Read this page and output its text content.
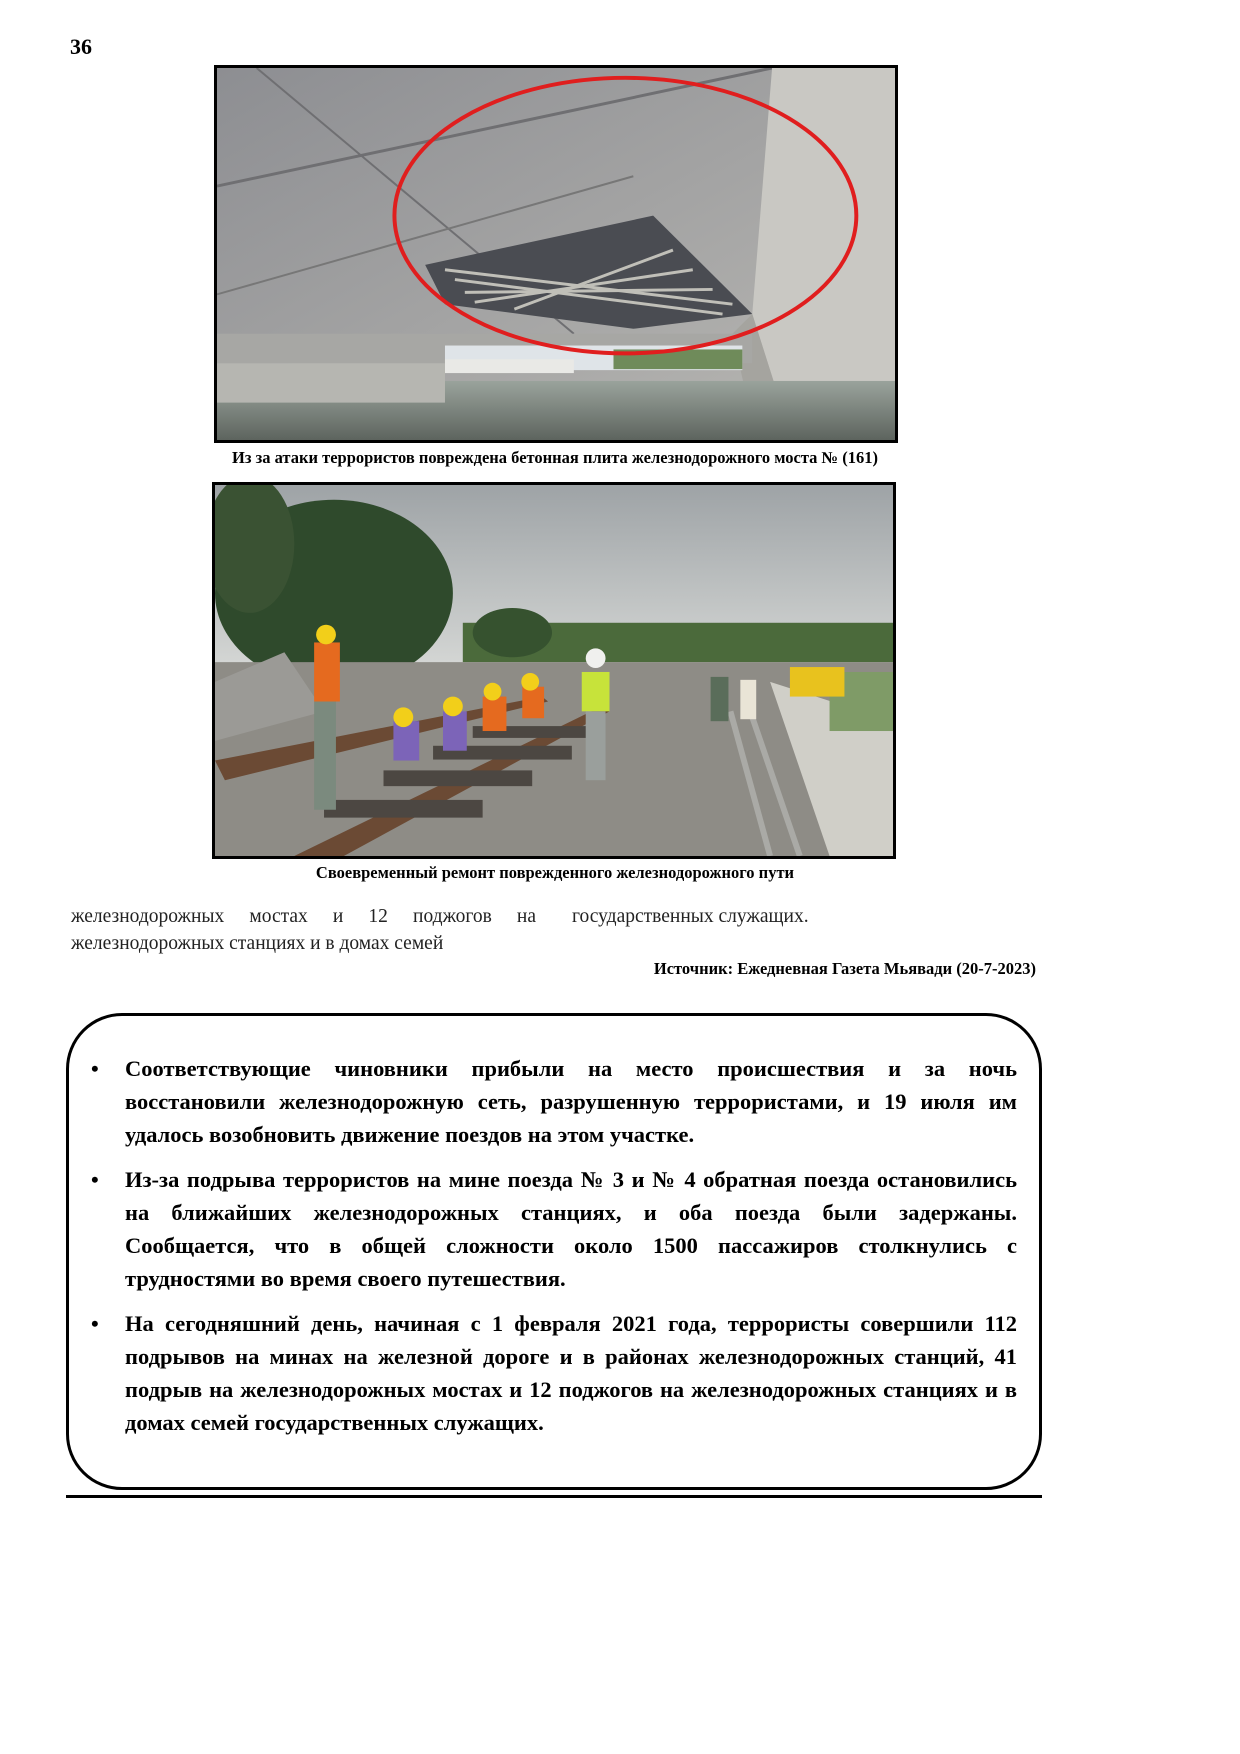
36
Из за атаки террористов повреждена бетонная плита железнодорожного моста № (161)
Своевременный ремонт поврежденного железнодорожного пути
железнодорожных мостах и 12 поджогов на железнодорожных станциях и в домах семей
государственных служащих.
Источник: Ежедневная Газета Мьявади (20-7-2023)
• Соответствующие чиновники прибыли на место происшествия и за ночь восстановили железнодорожную сеть, разрушенную террористами, и 19 июля им удалось возобновить движение поездов на этом участке.
• Из-за подрыва террористов на мине поезда № 3 и № 4 обратная поезда остановились на ближайших железнодорожных станциях, и оба поезда были задержаны. Сообщается, что в общей сложности около 1500 пассажиров столкнулись с трудностями во время своего путешествия.
• На сегодняшний день, начиная с 1 февраля 2021 года, террористы совершили 112 подрывов на минах на железной дороге и в районах железнодорожных станций, 41 подрыв на железнодорожных мостах и 12 поджогов на железнодорожных станциях и в домах семей государственных служащих.
